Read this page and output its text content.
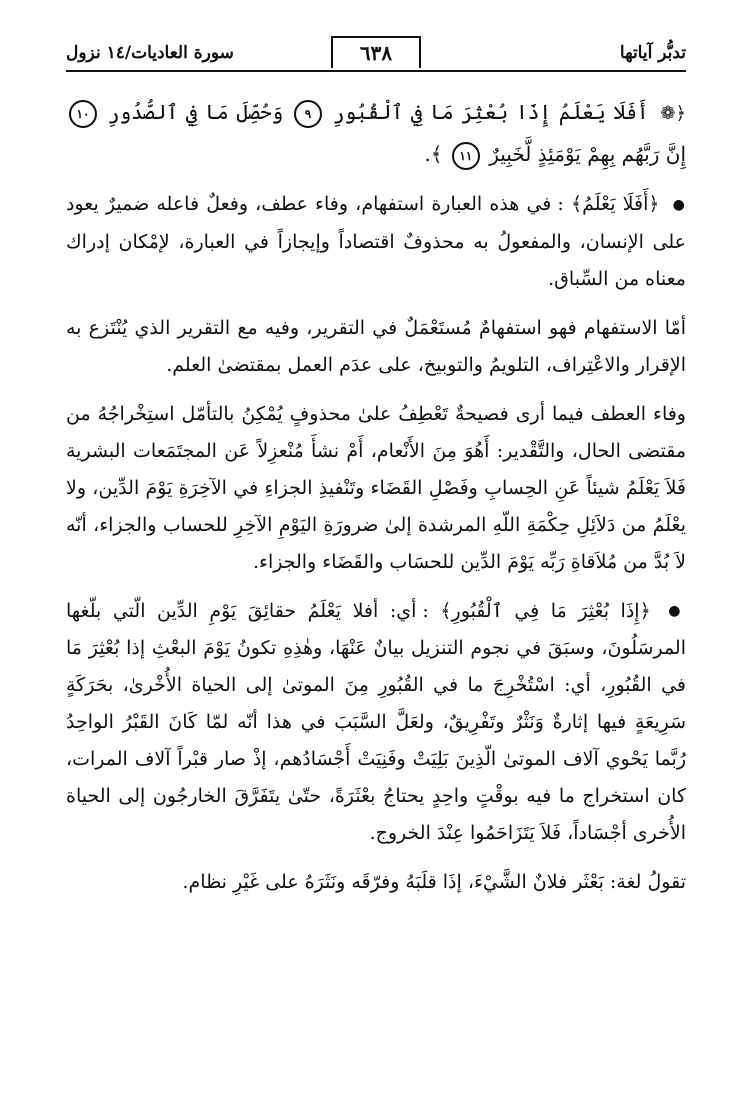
تدبُّر آياتها
٦٣٨
سورة العاديات/١٤ نزول
﴿❁ أَفَلَا يَعْلَمُ إِذَا بُعْثِرَ مَا فِي ٱلْقُبُورِ ٩ وَحُصِّلَ مَا فِي ٱلصُّدُورِ ١٠ إِنَّ رَبَّهُم بِهِمْ يَوْمَئِذٍ لَّخَبِيرٌ ١١ ﴾.

● ﴿أَفَلَا يَعْلَمُ﴾ : في هذه العبارة استفهام، وفاء عطف، وفعلٌ فاعله ضميرٌ يعود على الإنسان، والمفعولُ به محذوفٌ اقتصاداً وإيجازاً في العبارة، لإمْكان إدراك معناه من السِّباق.

أمّا الاستفهام فهو استفهامٌ مُستَعْمَلٌ في التقرير، وفيه مع التقرير الذي يُنْتَزع به الإقرار والاعْتِراف، التلويمُ والتوبيخ، على عدَم العمل بمقتضىٰ العلم.

وفاء العطف فيما أرى فصيحةٌ تَعْطِفُ علىٰ محذوفٍ يُمْكِنُ بالتأمّل استِخْراجُهُ من مقتضى الحال، والتَّقْدير: أَهُوَ مِنَ الأَنْعام، أَمْ نشأَ مُنْعزِلاً عَن المجتَمَعات البشرية فَلاَ يَعْلَمُ شيئاً عَنِ الحِسابِ وفَصْلِ القَضَاء وتَنْفيذِ الجزاءِ في الآخِرَةِ يَوْمَ الدِّين، ولا يعْلَمُ من دَلاَئِلِ حِكْمَةِ اللّهِ المرشدة إلىٰ ضرورَةِ اليَوْمِ الآخِرِ للحساب والجزاء، أنّه لاَ بُدَّ من مُلاَقاةِ رَبِّه يَوْمَ الدِّين للحسَاب والقَضَاء والجزاء.

● ﴿إِذَا بُعْثِرَ مَا فِي ٱلْقُبُورِ﴾ : أي: أفلا يَعْلَمُ حقائِقَ يَوْمِ الدِّين الّتي بلّغها المرسَلُونَ، وسبَقَ في نجوم التنزيل بيانٌ عَنْهَا، وهٰذِهِ تكونُ يَوْمَ البعْثِ إذا بُعْثِرَ مَا في القُبُورِ، أي: اسْتُخْرِجَ ما في القُبُورِ مِنَ الموتىٰ إلى الحياة الأُخْرىٰ، بحَرَكَةٍ سَرِيعَةٍ فيها إثارةٌ وَنَثْرٌ وتَفْرِيقٌ، ولعَلَّ السَّبَبَ في هذا أنّه لمّا كَانَ القَبْرُ الواحِدُ رُبَّما يَحْوي آلاف الموتىٰ الّذِينَ بَلِيَتْ وفَنِيَتْ أَجْسَادُهم، إذْ صار قبْراً آلاف المرات، كان استخراج ما فيه بوقْتٍ واحِدٍ يحتاجُ بعْثَرَةً، حتّىٰ يتَفَرَّقَ الخارجُون إلى الحياة الأُخرى أجْسَاداً، فَلاَ يَتَزَاحَمُوا عِنْدَ الخروج.

تقولُ لغة: بَعْثَر فلانٌ الشَّيْءَ، إذَا قلَبَهُ وفرّقَه ونَثَرَهُ على غَيْرِ نظام.
